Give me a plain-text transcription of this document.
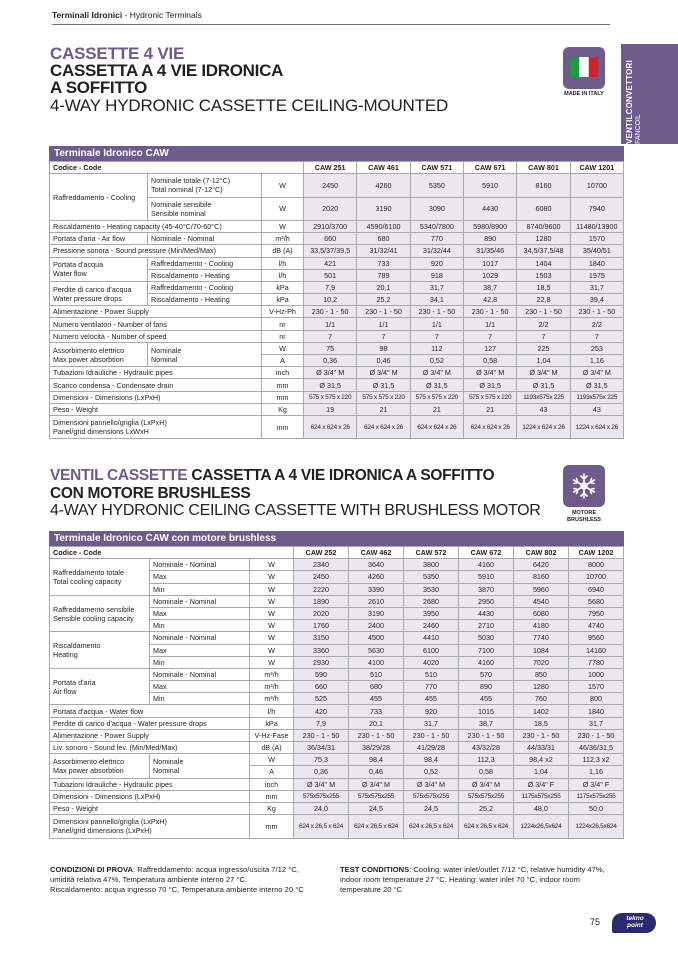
Terminali Idronici - Hydronic Terminals
VENTILCONVETTORI FANCOIL
CASSETTE 4 VIE
CASSETTA A 4 VIE IDRONICA
A SOFFITTO
4-WAY HYDRONIC CASSETTE CEILING-MOUNTED
MADE IN ITALY
Terminale Idronico CAW
Codice - Code			CAW 251	CAW 461	CAW 571	CAW 671	CAW 801	CAW 1201
Raffreddamento - Cooling	Nominale totale (7-12°C)
Total nominal (7-12°C)	W	2450	4260	5350	5910	8160	10700
	Nominale sensibile
Sensible nominal	W	2020	3190	3090	4430	6080	7940
Riscaldamento - Heating capacity (45-40°C/70-60°C)		W	2910/3700	4590/6100	5340/7800	5980/8900	8740/9600	11480/13900
Portata d'aria - Air flow	Nominale - Nominal	m³/h	660	680	770	890	1280	1570
Pressione sonora - Sound pressure (Min/Med/Max)		dB (A)	33,5/37/39,5	31/32/41	31/32/44	31/35/46	34,5/37,5/48	35/40/51
Portata d'acqua
Water flow	Raffreddamento - Cooling	l/h	421	733	920	1017	1404	1840
	Riscaldamento - Heating	l/h	501	789	918	1029	1503	1975
Perdite di carico d'acqua
Water pressure drops	Raffreddamento - Cooling	kPa	7,9	20,1	31,7	38,7	18,5	31,7
	Riscaldamento - Heating	kPa	10,2	25,2	34,1	42,8	22,8	39,4
Alimentazione - Power Supply		V-Hz-Ph	230 - 1 - 50	230 - 1 - 50	230 - 1 - 50	230 - 1 - 50	230 - 1 - 50	230 - 1 - 50
Numero ventilatori - Number of fans		nr	1/1	1/1	1/1	1/1	2/2	2/2
Numero velocità - Number of speed		nr	7	7	7	7	7	7
Assorbimento elettrico
Max power absorbtion	Nominale
Nominal	W	75	98	112	127	225	253
		A	0,36	0,46	0,52	0,58	1,04	1,16
Tubazioni Idrauliche - Hydraulic pipes		inch	Ø 3/4" M	Ø 3/4" M	Ø 3/4" M	Ø 3/4" M	Ø 3/4" M	Ø 3/4" M
Scarico condensa - Condensate drain		mm	Ø 31,5	Ø 31,5	Ø 31,5	Ø 31,5	Ø 31,5	Ø 31,5
Dimensioni - Dimensions (LxPxH)		mm	575 x 575 x 220	575 x 575 x 220	575 x 575 x 220	575 x 575 x 220	1193x575x 225	1193x575x 225
Peso - Weight		Kg	19	21	21	21	43	43
Dimensioni pannello/griglia (LxPxH)
Panel/grid dimensions LxWxH		mm	624 x 624 x 26	624 x 624 x 26	624 x 624 x 26	624 x 624 x 26	1224 x 624 x 26	1224 x 624 x 26
VENTIL CASSETTE CASSETTA A 4 VIE IDRONICA A SOFFITTO
CON MOTORE BRUSHLESS
4-WAY HYDRONIC CEILING CASSETTE WITH BRUSHLESS MOTOR	MOTORE
BRUSHLESS
Terminale Idronico CAW con motore brushless
Codice - Code			CAW 252	CAW 462	CAW 572	CAW 672	CAW 802	CAW 1202
Raffreddamento totale
Total cooling capacity	Nominale - Nominal	W	2340	3640	3800	4160	6420	8000
	Max	W	2450	4260	5350	5910	8160	10700
	Min	W	2220	3390	3530	3870	5960	6940
Raffreddamento sensibile
Sensible cooling capacity	Nominale - Nominal	W	1890	2610	2680	2950	4540	5680
	Max	W	2020	3190	3950	4430	6080	7950
	Min	W	1760	2400	2460	2710	4180	4740
Riscaldamento
Heating	Nominale - Nominal	W	3150	4500	4410	5030	7740	9560
	Max	W	3360	5630	6100	7100	1084	14160
	Min	W	2930	4100	4020	4160	7020	7780
Portata d'aria
Air flow	Nominale - Nominal	m³/h	590	510	510	570	850	1000
	Max	m³/h	660	680	770	890	1280	1570
	Min	m³/h	525	455	455	455	760	800
Portata d'acqua - Water flow		l/h	420	733	920	1015	1402	1840
Perdite di carico d'acqua - Water pressure drops		kPa	7,9	20,1	31,7	38,7	18,5	31,7
Alimentazione - Power Supply		V-Hz-Fase	230 - 1 - 50	230 - 1 - 50	230 - 1 - 50	230 - 1 - 50	230 - 1 - 50	230 - 1 - 50
Liv. sonoro - Sound lev. (Min/Med/Max)		dB (A)	36/34/31	38/29/28	41/29/28	43/32/28	44/33/31	46/36/31,5
Assorbimento elettrico
Max power absorbtion	Nominale
Nominal	W	75,3	98,4	98,4	112,3	98,4 x2	112,3 x2
		A	0,36	0,46	0,52	0,58	1,04	1,16
Tubazioni Idrauliche - Hydraulic pipes		inch	Ø 3/4" M	Ø 3/4" M	Ø 3/4" M	Ø 3/4" M	Ø 3/4" F	Ø 3/4" F
Dimensioni - Dimensions (LxPxH)		mm	575x575x255	575x575x255	575x575x255	575x575x255	1175x575x255	1175x575x255
Peso - Weight		Kg	24,0	24,5	24,5	25,2	48,0	50,0
Dimensioni pannello/griglia (LxPxH)
Panel/grid dimensions (LxPxH)		mm	624 x 26,5 x 624	624 x 26,5 x 624	624 x 26,5 x 624	624 x 26,5 x 624	1224x26,5x624	1224x26,5x624
CONDIZIONI DI PROVA: Raffreddamento: acqua ingresso/uscita 7/12 °C,
umidità relativa 47%, Temperatura ambiente interno 27 °C.
Riscaldamento: acqua ingresso 70 °C, Temperatura ambiente interno 20 °C
TEST CONDITIONS: Cooling: water inlet/outlet 7/12 °C, relative humidity 47%,
indoor room temperature 27 °C. Heating: water inlet 70 °C, indoor room
temperature 20 °C
75	tekno
point
